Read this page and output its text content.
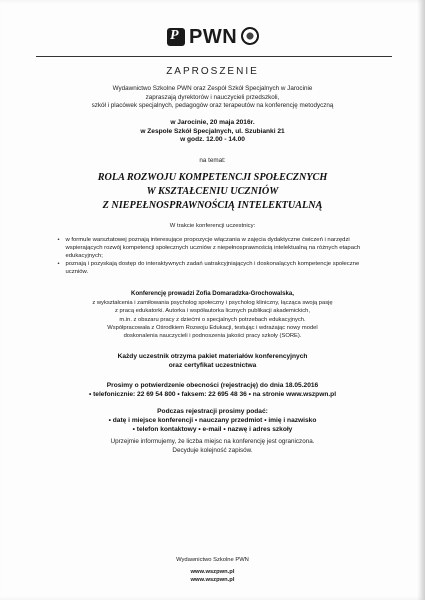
P PWN
ZAPROSZENIE
Wydawnictwo Szkolne PWN oraz Zespół Szkół Specjalnych w Jarocinie
zapraszają dyrektorów i nauczycieli przedszkoli,
szkół i placówek specjalnych, pedagogów oraz terapeutów na konferencję metodyczną
w Jarocinie, 20 maja 2016r.
w Zespole Szkół Specjalnych, ul. Szubianki 21
w godz. 12.00 - 14.00
na temat:
ROLA ROZWOJU KOMPETENCJI SPOŁECZNYCH
W KSZTAŁCENIU UCZNIÓW
Z NIEPEŁNOSPRAWNOŚCIĄ INTELEKTUALNĄ
W trakcie konferencji uczestnicy:
• w formule warsztatowej poznają interesujące propozycje włączania w zajęcia dydaktyczne ćwiczeń i narzędzi wspierających rozwój kompetencji społecznych uczniów z niepełnosprawnością intelektualną na różnych etapach edukacyjnych;
• poznają i pozyskają dostęp do interaktywnych zadań uatrakcyjniających i doskonalących kompetencje społeczne uczniów.
Konferencję prowadzi Zofia Domaradzka-Grochowalska,
z wykształcenia i zamiłowania psycholog społeczny i psycholog kliniczny, łącząca swoją pasję
z pracą edukatorki. Autorka i współautorka licznych publikacji akademickich,
m.in. z obszaru pracy z dziećmi o specjalnych potrzebach edukacyjnych.
Współpracowała z Ośrodkiem Rozwoju Edukacji, testując i wdrażając nowy model
doskonalenia nauczycieli i podnoszenia jakości pracy szkoły (SORE).
Każdy uczestnik otrzyma pakiet materiałów konferencyjnych
oraz certyfikat uczestnictwa
Prosimy o potwierdzenie obecności (rejestrację) do dnia 18.05.2016
• telefonicznie: 22 69 54 800 • faksem: 22 695 48 36 • na stronie www.wszpwn.pl
Podczas rejestracji prosimy podać:
• datę i miejsce konferencji • nauczany przedmiot • imię i nazwisko
• telefon kontaktowy • e-mail • nazwę i adres szkoły
Uprzejmie informujemy, że liczba miejsc na konferencję jest ograniczona.
Decyduje kolejność zapisów.
Wydawnictwo Szkolne PWN
www.wszpwn.pl
www.wszpwn.pl
